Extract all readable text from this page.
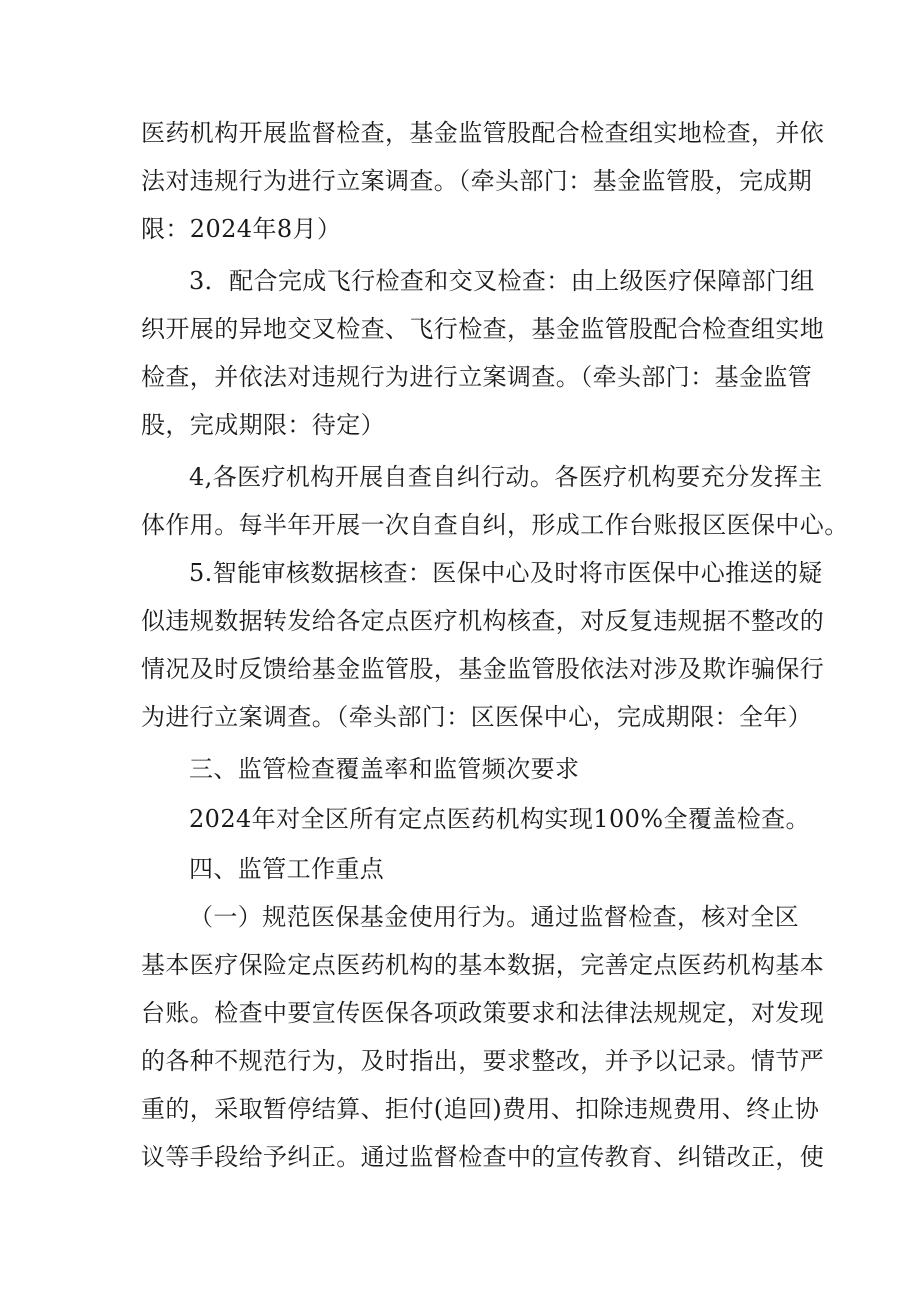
医药机构开展监督检查，基金监管股配合检查组实地检查，并依
法对违规行为进行立案调查。（牵头部门：基金监管股，完成期
限：2024年8月）
3．配合完成飞行检查和交叉检查：由上级医疗保障部门组
织开展的异地交叉检查、飞行检查，基金监管股配合检查组实地
检查，并依法对违规行为进行立案调查。（牵头部门：基金监管
股，完成期限：待定）
4,各医疗机构开展自查自纠行动。各医疗机构要充分发挥主
体作用。每半年开展一次自查自纠，形成工作台账报区医保中心。
5.智能审核数据核查：医保中心及时将市医保中心推送的疑
似违规数据转发给各定点医疗机构核查，对反复违规据不整改的
情况及时反馈给基金监管股，基金监管股依法对涉及欺诈骗保行
为进行立案调查。（牵头部门：区医保中心，完成期限：全年）
三、监管检查覆盖率和监管频次要求
2024年对全区所有定点医药机构实现100%全覆盖检查。
四、监管工作重点
（一）规范医保基金使用行为。通过监督检查，核对全区
基本医疗保险定点医药机构的基本数据，完善定点医药机构基本
台账。检查中要宣传医保各项政策要求和法律法规规定，对发现
的各种不规范行为，及时指出，要求整改，并予以记录。情节严
重的，采取暂停结算、拒付(追回)费用、扣除违规费用、终止协
议等手段给予纠正。通过监督检查中的宣传教育、纠错改正，使
